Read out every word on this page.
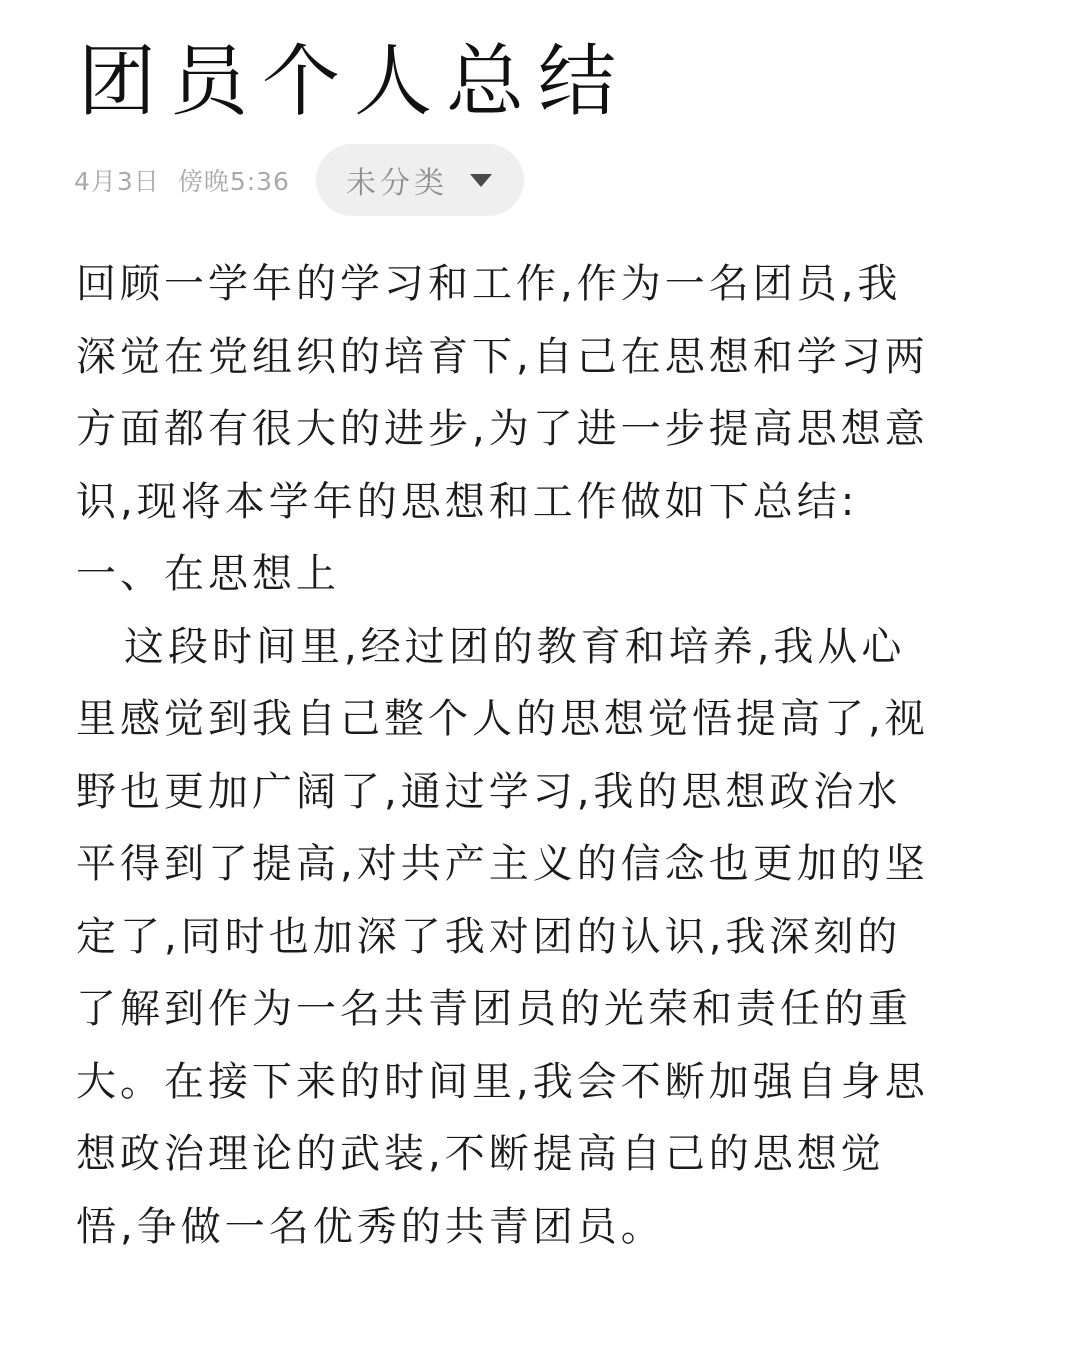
团员个人总结
4月3日 傍晚5:36 未分类
回顾一学年的学习和工作,作为一名团员,我
深觉在党组织的培育下,自己在思想和学习两
方面都有很大的进步,为了进一步提高思想意
识,现将本学年的思想和工作做如下总结:
一、在思想上
这段时间里,经过团的教育和培养,我从心
里感觉到我自己整个人的思想觉悟提高了,视
野也更加广阔了,通过学习,我的思想政治水
平得到了提高,对共产主义的信念也更加的坚
定了,同时也加深了我对团的认识,我深刻的
了解到作为一名共青团员的光荣和责任的重
大。在接下来的时间里,我会不断加强自身思
想政治理论的武装,不断提高自己的思想觉
悟,争做一名优秀的共青团员。
